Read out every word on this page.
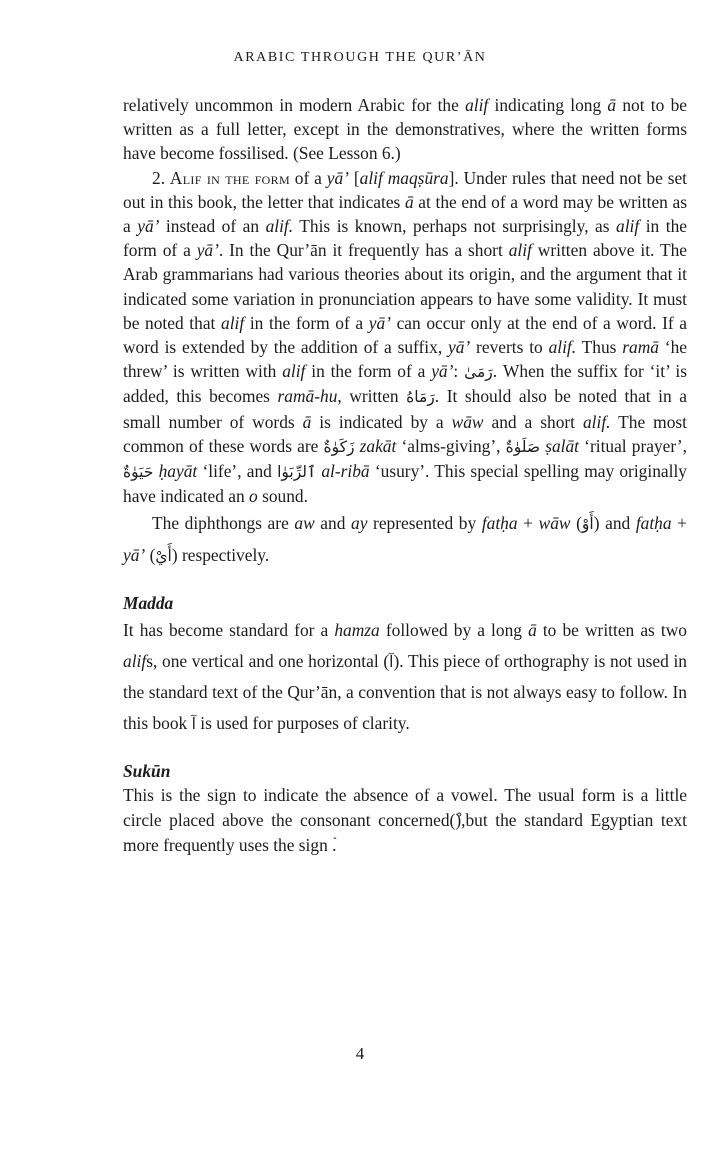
ARABIC THROUGH THE QUR’ĀN

relatively uncommon in modern Arabic for the alif indicating long ā not to be written as a full letter, except in the demonstratives, where the written forms have become fossilised. (See Lesson 6.)

2. Alif in the form of a yā’ [alif maqṣūra]. Under rules that need not be set out in this book, the letter that indicates ā at the end of a word may be written as a yā’ instead of an alif. This is known, perhaps not surprisingly, as alif in the form of a yā’. In the Qur’ān it frequently has a short alif written above it. The Arab grammarians had various theories about its origin, and the argument that it indicated some variation in pronunciation appears to have some validity. It must be noted that alif in the form of a yā’ can occur only at the end of a word. If a word is extended by the addition of a suffix, yā’ reverts to alif. Thus ramā ‘he threw’ is written with alif in the form of a yā’: رَمَىٰ. When the suffix for ‘it’ is added, this becomes ramā-hu, written رَمَاهُ. It should also be noted that in a small number of words ā is indicated by a wāw and a short alif. The most common of these words are زَكَوٰةٌ zakāt ‘alms-giving’, صَلَوٰةٌ ṣalāt ‘ritual prayer’, حَيَوٰةٌ ḥayāt ‘life’, and ٱلرِّبَوٰا al-ribā ‘usury’. This special spelling may originally have indicated an o sound.

The diphthongs are aw and ay represented by fatḥa + wāw (أَوْ) and fatḥa + yā’ (أَيْ) respectively.

Madda

It has become standard for a hamza followed by a long ā to be written as two alifs, one vertical and one horizontal (آ). This piece of orthography is not used in the standard text of the Qur’ān, a convention that is not always easy to follow. In this book آ is used for purposes of clarity.

Sukūn

This is the sign to indicate the absence of a vowel. The usual form is a little circle placed above the consonant concerned(),but the standard Egyptian text more frequently uses the sign .

4
